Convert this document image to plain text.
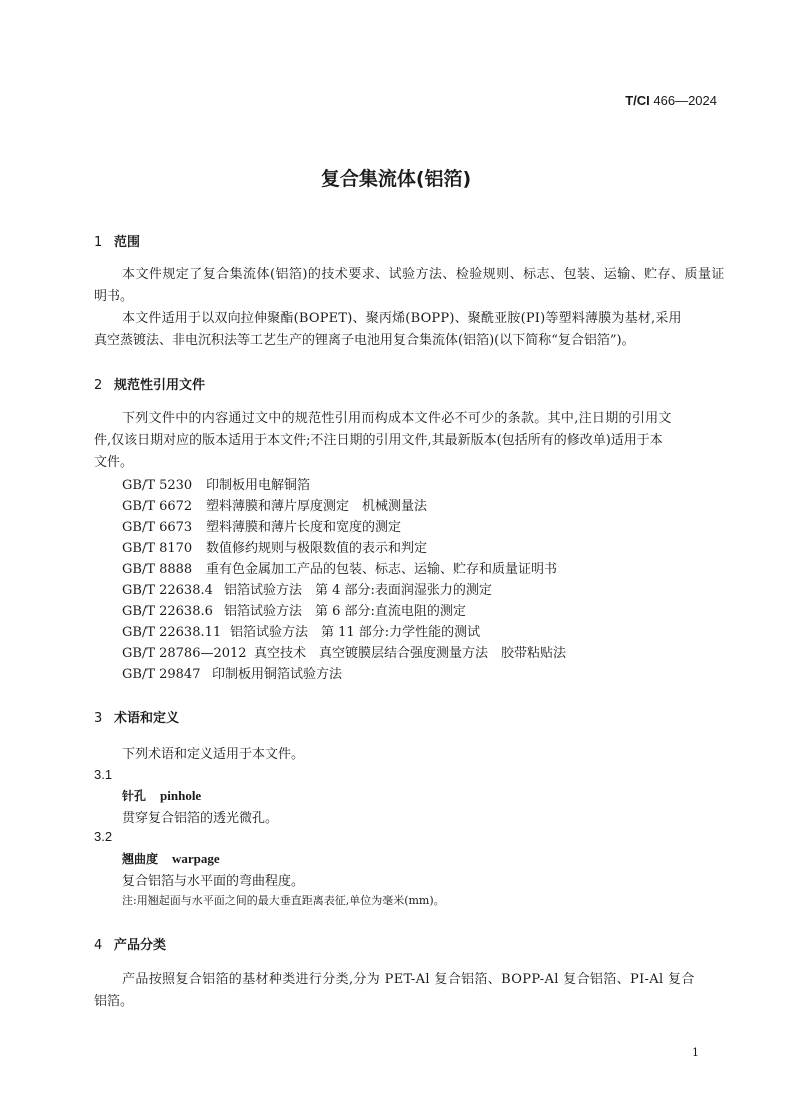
T/CI 466—2024
复合集流体(铝箔)
1 范围
本文件规定了复合集流体(铝箔)的技术要求、试验方法、检验规则、标志、包装、运输、贮存、质量证
明书。
本文件适用于以双向拉伸聚酯(BOPET)、聚丙烯(BOPP)、聚酰亚胺(PI)等塑料薄膜为基材,采用
真空蒸镀法、非电沉积法等工艺生产的锂离子电池用复合集流体(铝箔)(以下简称“复合铝箔”)。
2 规范性引用文件
下列文件中的内容通过文中的规范性引用而构成本文件必不可少的条款。其中,注日期的引用文
件,仅该日期对应的版本适用于本文件;不注日期的引用文件,其最新版本(包括所有的修改单)适用于本
文件。
GB/T 5230 印制板用电解铜箔
GB/T 6672 塑料薄膜和薄片厚度测定　机械测量法
GB/T 6673 塑料薄膜和薄片长度和宽度的测定
GB/T 8170 数值修约规则与极限数值的表示和判定
GB/T 8888 重有色金属加工产品的包装、标志、运输、贮存和质量证明书
GB/T 22638.4 铝箔试验方法　第 4 部分:表面润湿张力的测定
GB/T 22638.6 铝箔试验方法　第 6 部分:直流电阻的测定
GB/T 22638.11 铝箔试验方法　第 11 部分:力学性能的测试
GB/T 28786—2012 真空技术　真空镀膜层结合强度测量方法　胶带粘贴法
GB/T 29847 印制板用铜箔试验方法
3 术语和定义
下列术语和定义适用于本文件。
3.1
针孔 pinhole
贯穿复合铝箔的透光微孔。
3.2
翘曲度 warpage
复合铝箔与水平面的弯曲程度。
注:用翘起面与水平面之间的最大垂直距离表征,单位为毫米(mm)。
4 产品分类
产品按照复合铝箔的基材种类进行分类,分为 PET-Al 复合铝箔、BOPP-Al 复合铝箔、PI-Al 复合
铝箔。
1
